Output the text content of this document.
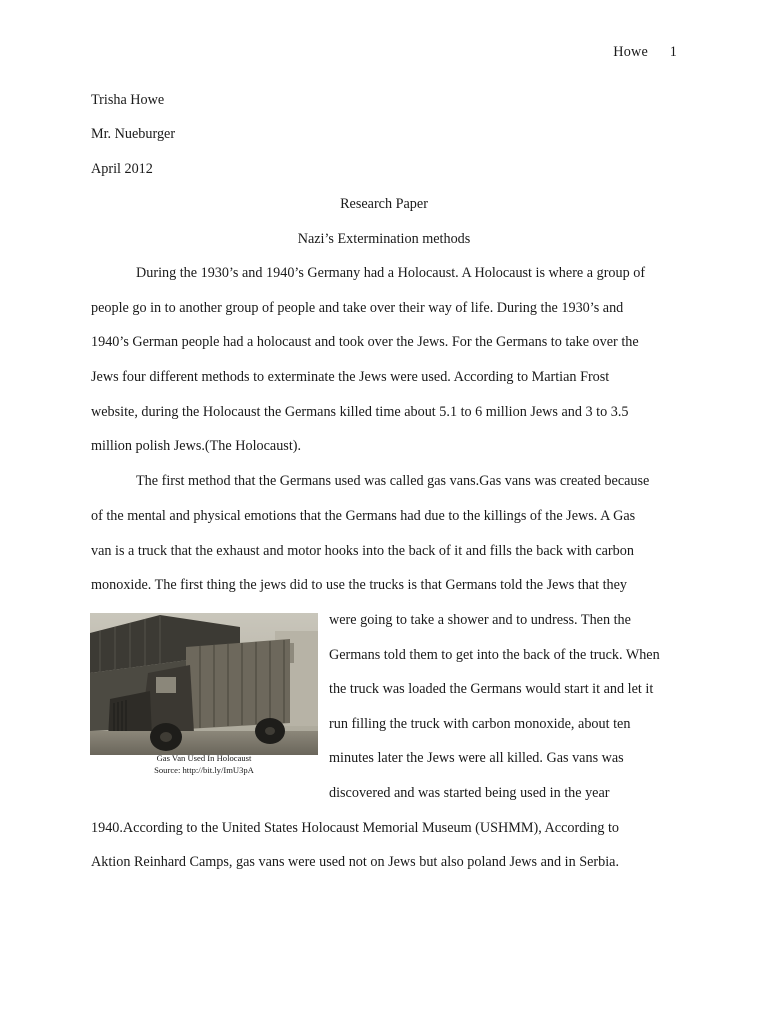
Howe 1
Trisha Howe
Mr. Nueburger
April 2012
Research Paper
Nazi’s Extermination methods
During the 1930’s and 1940’s Germany had a Holocaust. A Holocaust is where a group of
people go in to another group of people and take over their way of life. During the 1930’s and
1940’s German people had a holocaust and took over the Jews. For the Germans to take over the
Jews four different methods to exterminate the Jews were used. According to Martian Frost
website, during the Holocaust the Germans killed time about 5.1 to 6 million Jews and 3 to 3.5
million polish Jews.(The Holocaust).
The first method that the Germans used was called gas vans.Gas vans was created because
of the mental and physical emotions that the Germans had due to the killings of the Jews. A Gas
van is a truck that the exhaust and motor hooks into the back of it and fills the back with carbon
monoxide. The first thing the jews did to use the trucks is that Germans told the Jews that they
Gas Van Used In Holocaust
Source: http://bit.ly/ImU3pA
were going to take a shower and to undress. Then the
Germans told them to get into the back of the truck. When
the truck was loaded the Germans would start it and let it
run filling the truck with carbon monoxide, about ten
minutes later the Jews were all killed. Gas vans was
discovered and was started being used in the year
1940.According to the United States Holocaust Memorial Museum (USHMM), According to
Aktion Reinhard Camps, gas vans were used not on Jews but also poland Jews and in Serbia.
